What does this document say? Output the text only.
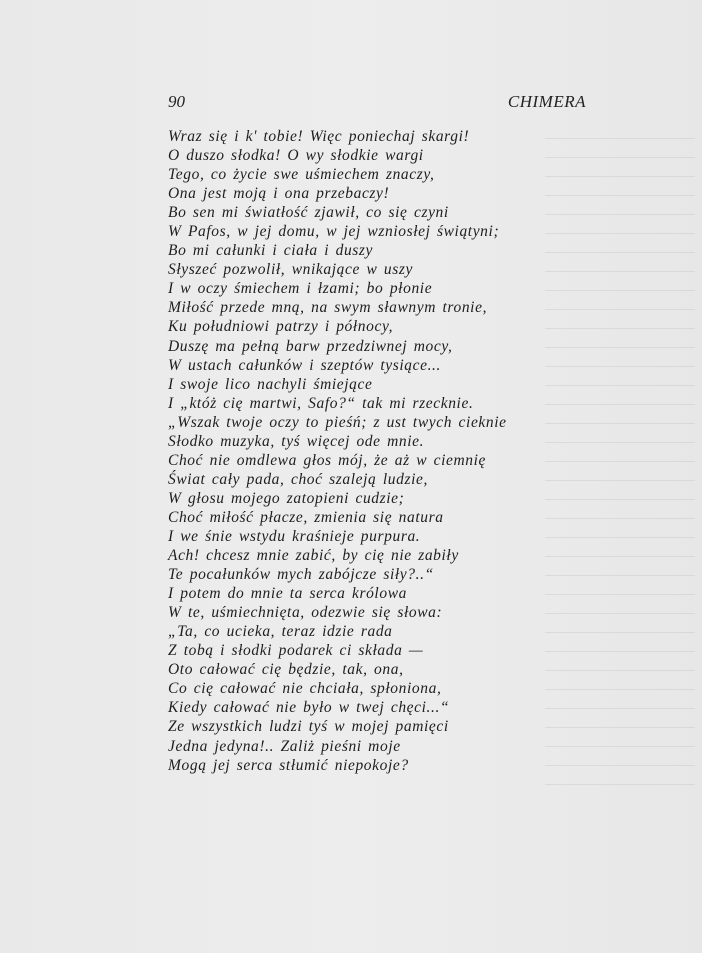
90	CHIMERA
Wraz się i k' tobie! Więc poniechaj skargi!
O duszo słodka! O wy słodkie wargi
Tego, co życie swe uśmiechem znaczy,
Ona jest moją i ona przebaczy!
Bo sen mi światłość zjawił, co się czyni
W Pafos, w jej domu, w jej wzniosłej świątyni;
Bo mi całunki i ciała i duszy
Słyszeć pozwolił, wnikające w uszy
I w oczy śmiechem i łzami; bo płonie
Miłość przede mną, na swym sławnym tronie,
Ku południowi patrzy i północy,
Duszę ma pełną barw przedziwnej mocy,
W ustach całunków i szeptów tysiące...
I swoje lico nachyli śmiejące
I „któż cię martwi, Safo?“ tak mi rzecknie.
„Wszak twoje oczy to pieśń; z ust twych cieknie
Słodko muzyka, tyś więcej ode mnie.
Choć nie omdlewa głos mój, że aż w ciemnię
Świat cały pada, choć szaleją ludzie,
W głosu mojego zatopieni cudzie;
Choć miłość płacze, zmienia się natura
I we śnie wstydu kraśnieje purpura.
Ach! chcesz mnie zabić, by cię nie zabiły
Te pocałunków mych zabójcze siły?..“
I potem do mnie ta serca królowa
W te, uśmiechnięta, odezwie się słowa:
„Ta, co ucieka, teraz idzie rada
Z tobą i słodki podarek ci składa —
Oto całować cię będzie, tak, ona,
Co cię całować nie chciała, spłoniona,
Kiedy całować nie było w twej chęci...“
Ze wszystkich ludzi tyś w mojej pamięci
Jedna jedyna!.. Zaliż pieśni moje
Mogą jej serca stłumić niepokoje?
